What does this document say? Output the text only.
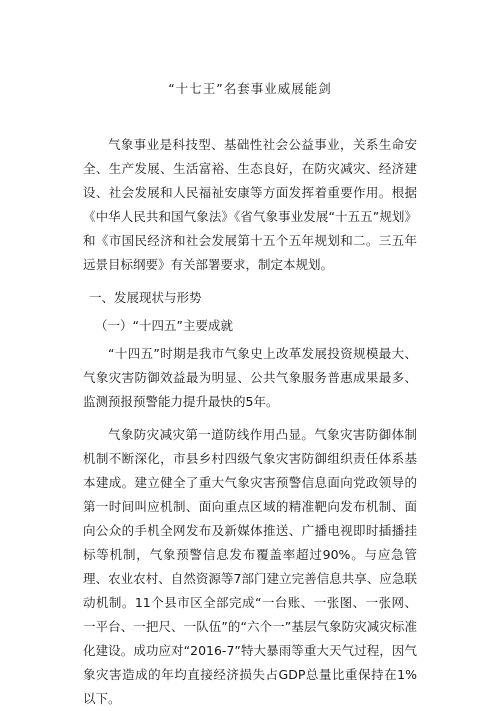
“十七王”名套事业威展能剑

气象事业是科技型、基础性社会公益事业，关系生命安全、生产发展、生活富裕、生态良好，在防灾减灾、经济建设、社会发展和人民福祉安康等方面发挥着重要作用。根据《中华人民共和国气象法》《省气象事业发展“十五五”规划》和《市国民经济和社会发展第十五个五年规划和二。三五年远景目标纲要》有关部署要求，制定本规划。

一、发展现状与形势

（一）“十四五”主要成就

“十四五”时期是我市气象史上改革发展投资规模最大、气象灾害防御效益最为明显、公共气象服务普惠成果最多、监测预报预警能力提升最快的5年。

气象防灾减灾第一道防线作用凸显。气象灾害防御体制机制不断深化，市县乡村四级气象灾害防御组织责任体系基本建成。建立健全了重大气象灾害预警信息面向党政领导的第一时间叫应机制、面向重点区域的精准靶向发布机制、面向公众的手机全网发布及新媒体推送、广播电视即时插播挂标等机制，气象预警信息发布覆盖率超过90%。与应急管理、农业农村、自然资源等7部门建立完善信息共享、应急联动机制。11个县市区全部完成“一台账、一张图、一张网、一平台、一把尺、一队伍”的“六个一”基层气象防灾减灾标准化建设。成功应对“2016-7”特大暴雨等重大天气过程，因气象灾害造成的年均直接经济损失占GDP总量比重保持在1%以下。
